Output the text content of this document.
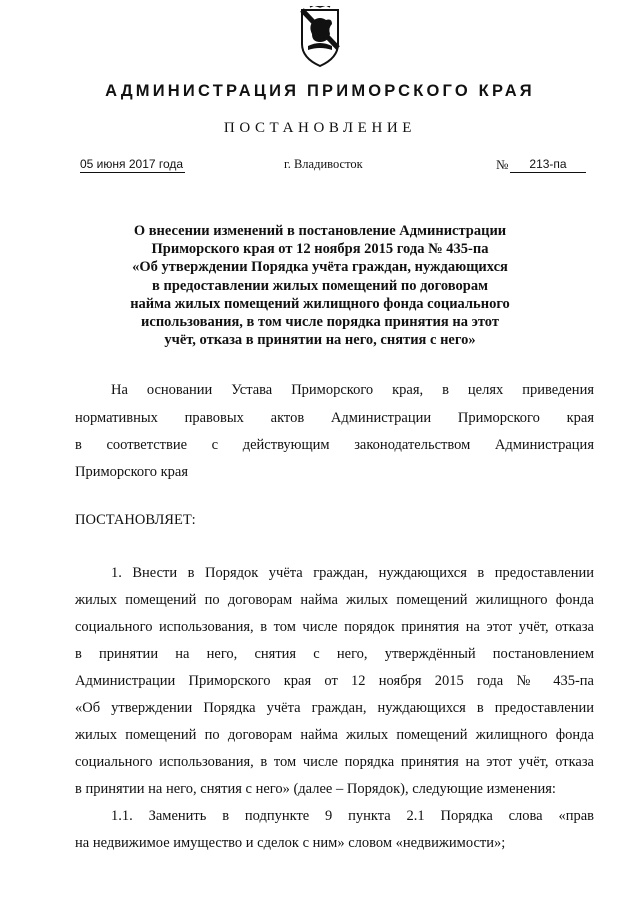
АДМИНИСТРАЦИЯ ПРИМОРСКОГО КРАЯ
ПОСТАНОВЛЕНИЕ
05 июня 2017 года	г. Владивосток	№	213-па
О внесении изменений в постановление Администрации
Приморского края от 12 ноября 2015 года № 435-па
«Об утверждении Порядка учёта граждан, нуждающихся
в предоставлении жилых помещений по договорам
найма жилых помещений жилищного фонда социального
использования, в том числе порядка принятия на этот
учёт, отказа в принятии на него, снятия с него»
На основании Устава Приморского края, в целях приведения
нормативных правовых актов Администрации Приморского края
в соответствие с действующим законодательством Администрация
Приморского края
ПОСТАНОВЛЯЕТ:
1. Внести в Порядок учёта граждан, нуждающихся в предоставлении
жилых помещений по договорам найма жилых помещений жилищного фонда
социального использования, в том числе порядок принятия на этот учёт, отказа
в принятии на него, снятия с него, утверждённый постановлением
Администрации Приморского края от 12 ноября 2015 года № 435-па
«Об утверждении Порядка учёта граждан, нуждающихся в предоставлении
жилых помещений по договорам найма жилых помещений жилищного фонда
социального использования, в том числе порядка принятия на этот учёт, отказа
в принятии на него, снятия с него» (далее – Порядок), следующие изменения:
1.1. Заменить в подпункте 9 пункта 2.1 Порядка слова «прав
на недвижимое имущество и сделок с ним» словом «недвижимости»;
